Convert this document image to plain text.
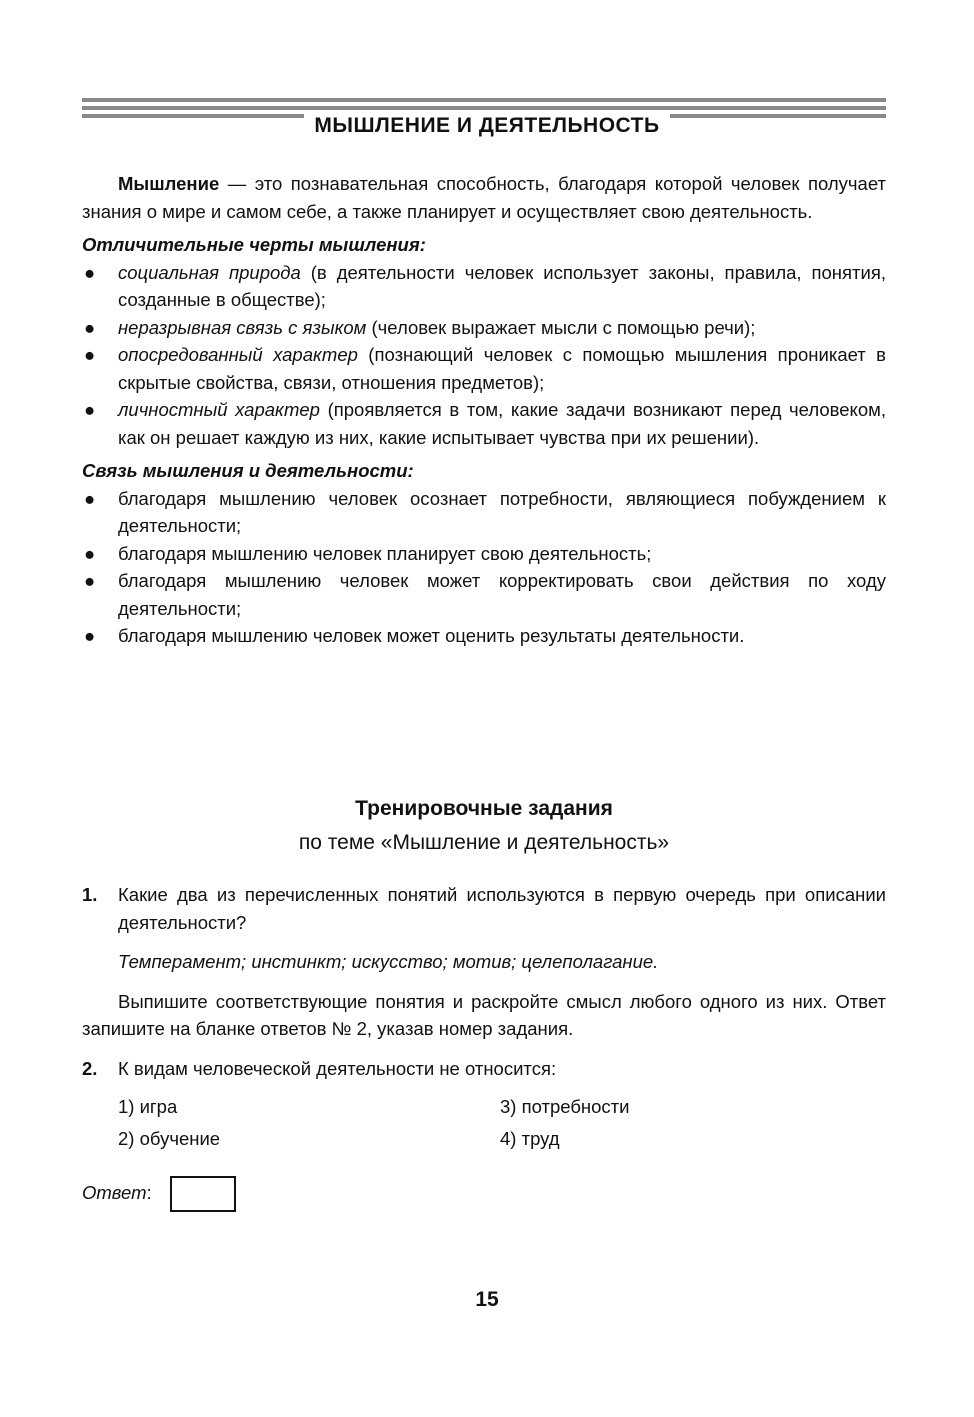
МЫШЛЕНИЕ И ДЕЯТЕЛЬНОСТЬ

Мышление — это познавательная способность, благодаря которой человек получает знания о мире и самом себе, а также планирует и осуществляет свою деятельность.

Отличительные черты мышления:

● социальная природа (в деятельности человек использует законы, правила, понятия, созданные в обществе);
● неразрывная связь с языком (человек выражает мысли с помощью речи);
● опосредованный характер (познающий человек с помощью мышления проникает в скрытые свойства, связи, отношения предметов);
● личностный характер (проявляется в том, какие задачи возникают перед человеком, как он решает каждую из них, какие испытывает чувства при их решении).

Связь мышления и деятельности:

● благодаря мышлению человек осознает потребности, являющиеся побуждением к деятельности;
● благодаря мышлению человек планирует свою деятельность;
● благодаря мышлению человек может корректировать свои действия по ходу деятельности;
● благодаря мышлению человек может оценить результаты деятельности.

Тренировочные задания

по теме «Мышление и деятельность»

1. Какие два из перечисленных понятий используются в первую очередь при описании деятельности?

Темперамент; инстинкт; искусство; мотив; целеполагание.

Выпишите соответствующие понятия и раскройте смысл любого одного из них. Ответ запишите на бланке ответов № 2, указав номер задания.

2. К видам человеческой деятельности не относится:
1) игра
2) обучение
3) потребности
4) труд
Ответ:
15
